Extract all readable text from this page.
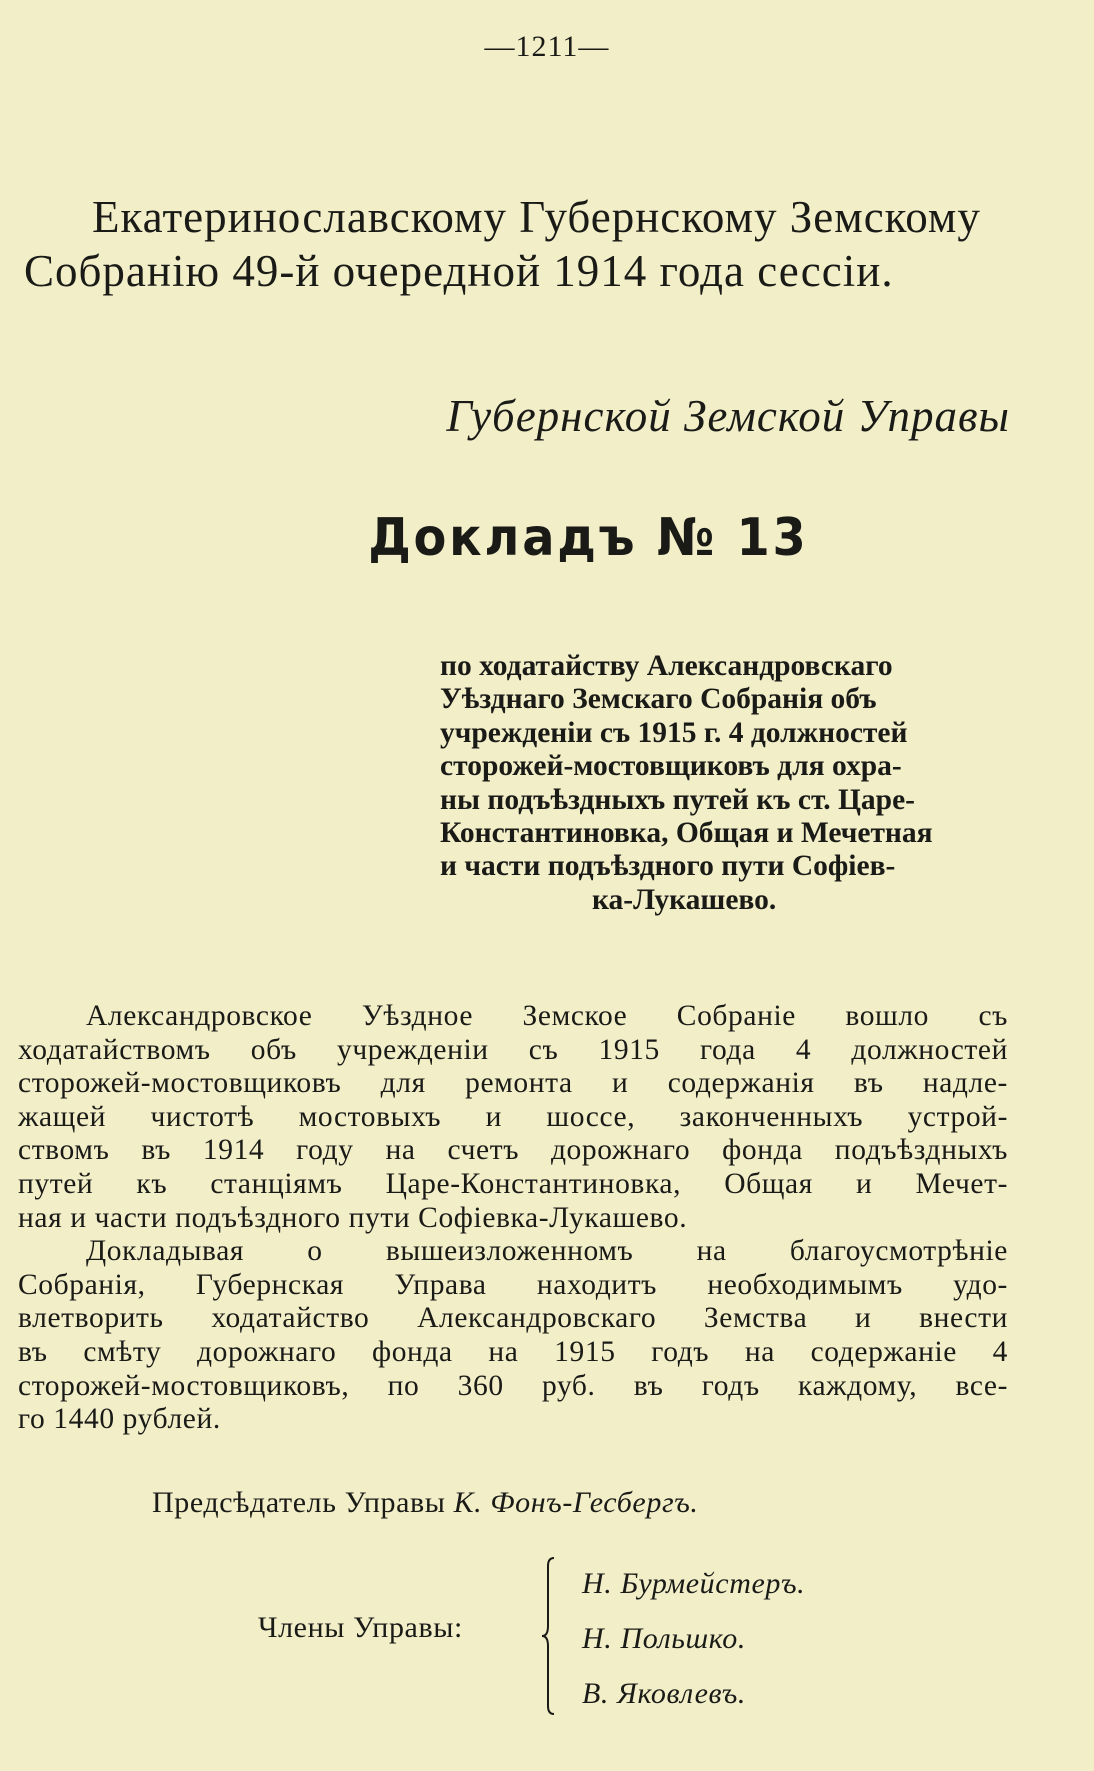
—1211—
Екатеринославскому Губернскому Земскому
Собранію 49-й очередной 1914 года сессіи.
Губернской Земской Управы
Докладъ № 13
по ходатайству Александровскаго
Уѣзднаго Земскаго Собранія объ
учрежденіи съ 1915 г. 4 должностей
сторожей-мостовщиковъ для охра-
ны подъѣздныхъ путей къ ст. Царе-
Константиновка, Общая и Мечетная
и части подъѣздного пути Софіев-
ка-Лукашево.
Александровское Уѣздное Земское Собраніе вошло съ
ходатайствомъ объ учрежденіи съ 1915 года 4 должностей
сторожей-мостовщиковъ для ремонта и содержанія въ надле-
жащей чистотѣ мостовыхъ и шоссе, законченныхъ устрой-
ствомъ въ 1914 году на счетъ дорожнаго фонда подъѣздныхъ
путей къ станціямъ Царе-Константиновка, Общая и Мечет-
ная и части подъѣздного пути Софіевка-Лукашево.
Докладывая о вышеизложенномъ на благоусмотрѣніе
Собранія, Губернская Управа находитъ необходимымъ удо-
влетворить ходатайство Александровскаго Земства и внести
въ смѣту дорожнаго фонда на 1915 годъ на содержаніе 4
сторожей-мостовщиковъ, по 360 руб. въ годъ каждому, все-
го 1440 рублей.
Предсѣдатель Управы К. Фонъ-Гесбергъ.
Члены Управы:
Н. Бурмейстеръ.
Н. Польшко.
В. Яковлевъ.
